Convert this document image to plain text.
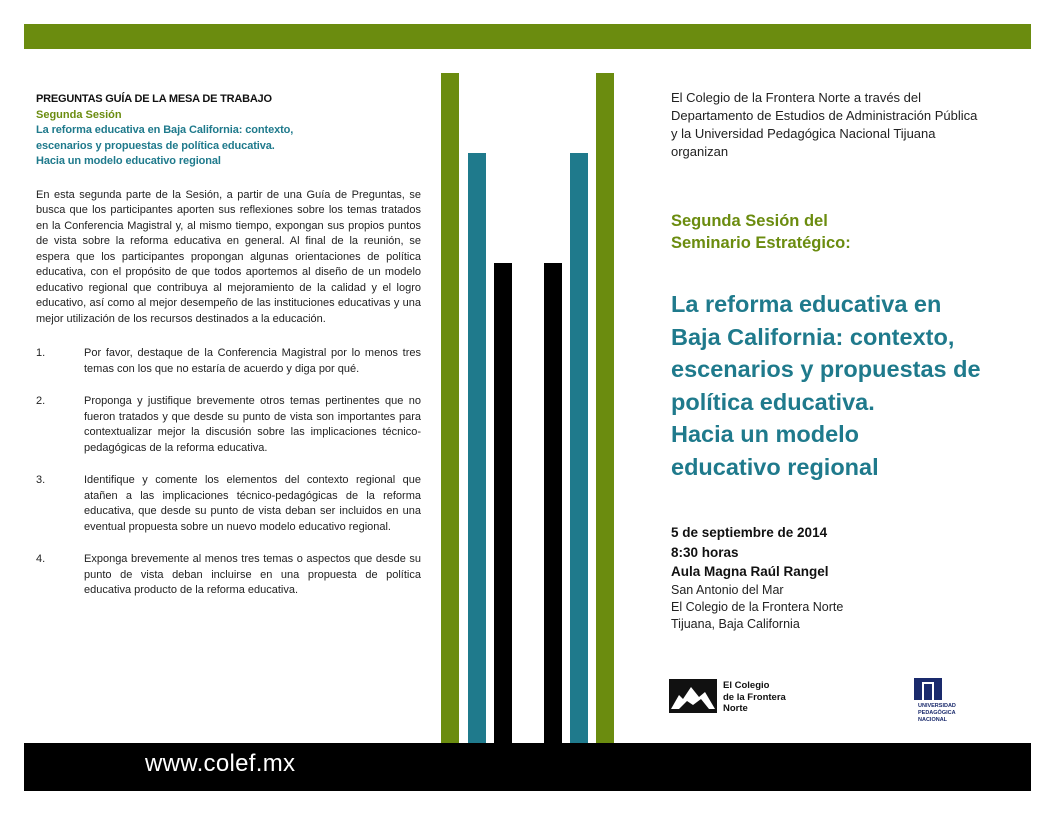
www.colef.mx
PREGUNTAS GUÍA DE LA MESA DE TRABAJO
Segunda Sesión
La reforma educativa en Baja California: contexto,
escenarios y propuestas de política educativa.
Hacia un modelo educativo regional
En esta segunda parte de la Sesión, a partir de una Guía de Preguntas, se busca que los participantes aporten sus reflexiones sobre los temas tratados en la Conferencia Magistral y, al mismo tiempo, expongan sus propios puntos de vista sobre la reforma educativa en general. Al final de la reunión, se espera que los participantes propongan algunas orientaciones de política educativa, con el propósito de que todos aportemos al diseño de un modelo educativo regional que contribuya al mejoramiento de la calidad y el logro educativo, así como al mejor desempeño de las instituciones educativas y una mejor utilización de los recursos destinados a la educación.
1.	Por favor, destaque de la Conferencia Magistral por lo menos tres temas con los que no estaría de acuerdo y diga por qué.
2.	Proponga y justifique brevemente otros temas pertinentes que no fueron tratados y que desde su punto de vista son importantes para contextualizar mejor la discusión sobre las implicaciones técnico-pedagógicas de la reforma educativa.
3.	Identifique y comente los elementos del contexto regional que atañen a las implicaciones técnico-pedagógicas de la reforma educativa, que desde su punto de vista deban ser incluidos en una eventual propuesta sobre un nuevo modelo educativo regional.
4.	Exponga brevemente al menos tres temas o aspectos que desde su punto de vista deban incluirse en una propuesta de política educativa producto de la reforma educativa.
El Colegio de la Frontera Norte a través del
Departamento de Estudios de Administración Pública
y la Universidad Pedagógica Nacional Tijuana
organizan
Segunda Sesión del
Seminario Estratégico:
La reforma educativa en
Baja California: contexto,
escenarios y propuestas de
política educativa.
Hacia un modelo
educativo regional
5 de septiembre de 2014
8:30 horas
Aula Magna Raúl Rangel
San Antonio del Mar
El Colegio de la Frontera Norte
Tijuana, Baja California
El Colegio
de la Frontera
Norte	UNIVERSIDAD
PEDAGÓGICA
NACIONAL
